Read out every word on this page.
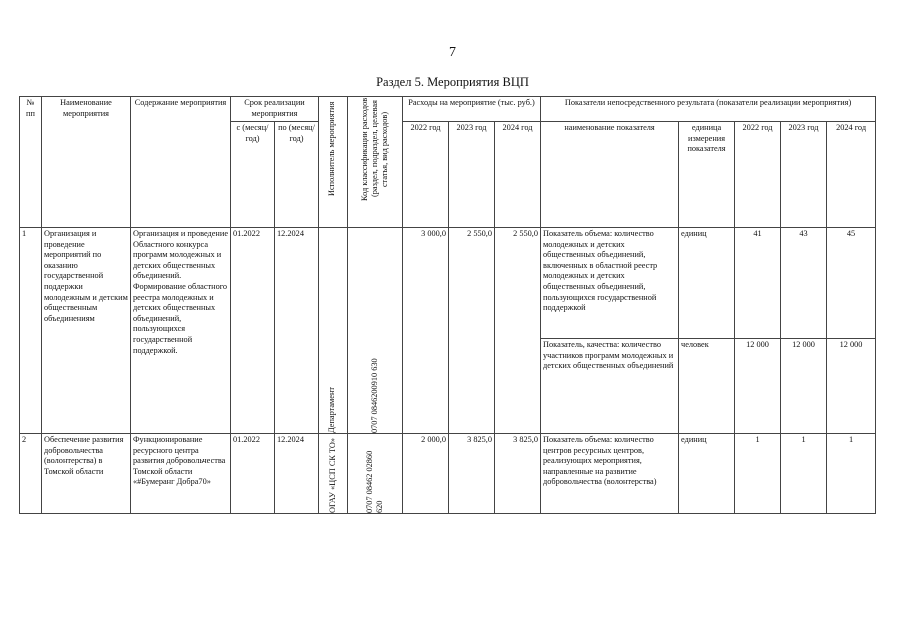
7
Раздел 5. Мероприятия ВЦП
№ пп	Наименование мероприятия	Содержание мероприятия	Срок реализации мероприятия		Исполнитель мероприятия	Код классификации расходов (раздел, подраздел, целевая статья, вид расходов)	Расходы на мероприятие (тыс. руб.)			Показатели непосредственного результата (показатели реализации мероприятия)				
			с (месяц/ год)	по (месяц/ год)			2022 год	2023 год	2024 год	наименование показателя	единица измерения показателя	2022 год	2023 год	2024 год
1	Организация и проведение мероприятий по оказанию государственной поддержки молодежным и детским общественным объединениям	Организация и проведение Областного конкурса программ молодежных и детских общественных объединений. Формирование областного реестра молодежных и детских общественных объединений, пользующихся государственной поддержкой.	01.2022	12.2024	Департамент	0707 0846200910 630	3 000,0	2 550,0	2 550,0	Показатель объема: количество молодежных и детских общественных объединений, включенных в областной реестр молодежных и детских общественных объединений, пользующихся государственной поддержкой	единиц	41	43	45
										Показатель, качества: количество участников программ молодежных и детских общественных объединений	человек	12 000	12 000	12 000
2	Обеспечение развития добровольчества (волонтерства) в Томской области	Функционирование ресурсного центра развития добровольчества Томской области «#Бумеранг Добра70»	01.2022	12.2024	ОГАУ «ЦСП СК ТО»	0707 08462 02860 620	2 000,0	3 825,0	3 825,0	Показатель объема: количество центров ресурсных центров, реализующих мероприятия, направленные на развитие добровольчества (волонтерства)	единиц	1	1	1
